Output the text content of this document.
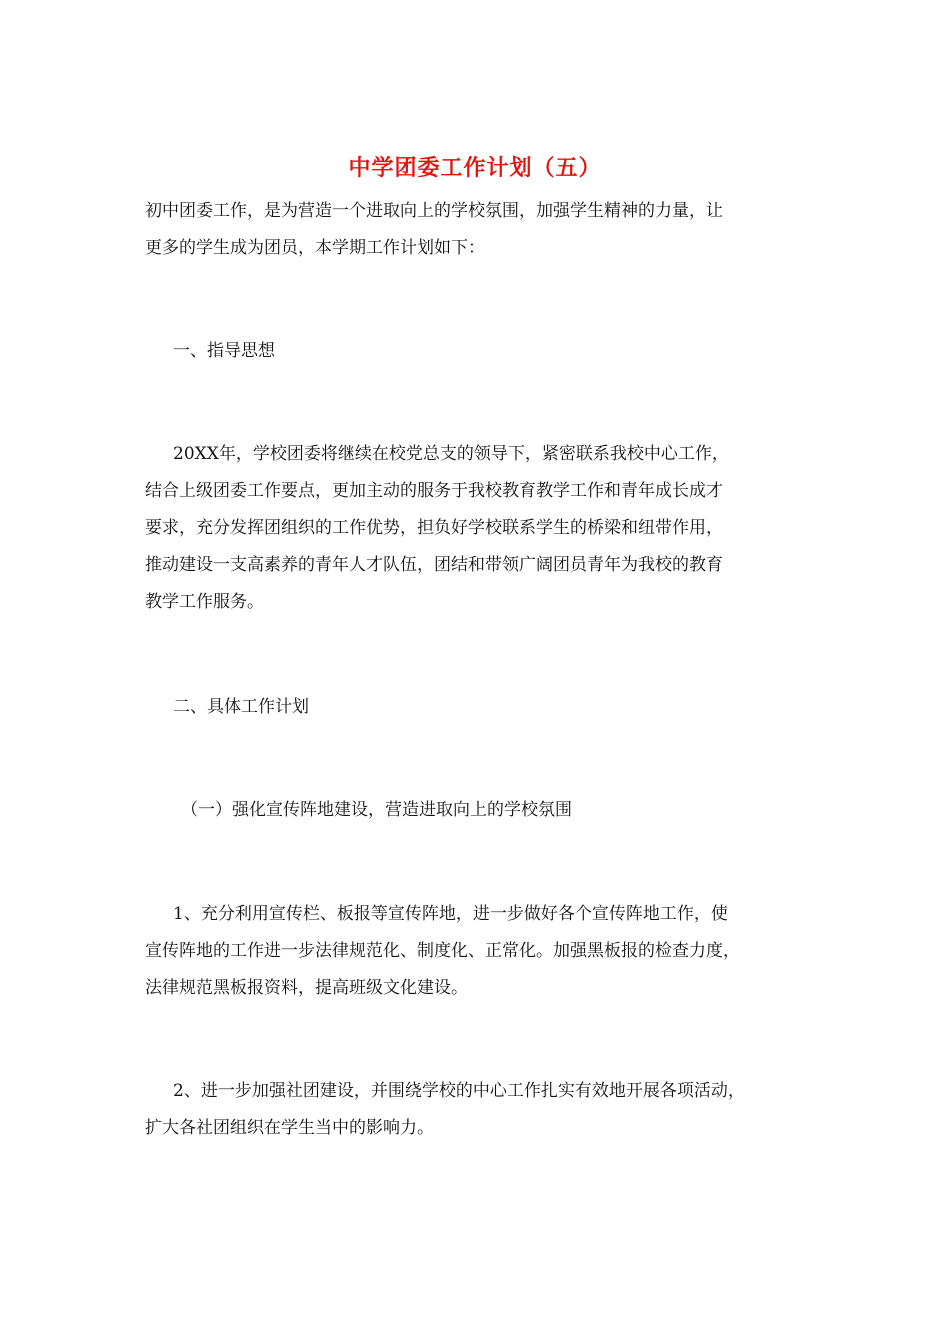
中学团委工作计划（五）

初中团委工作，是为营造一个进取向上的学校氛围，加强学生精神的力量，让
更多的学生成为团员，本学期工作计划如下：

一、指导思想

20XX年，学校团委将继续在校党总支的领导下，紧密联系我校中心工作，
结合上级团委工作要点，更加主动的服务于我校教育教学工作和青年成长成才
要求，充分发挥团组织的工作优势，担负好学校联系学生的桥梁和纽带作用，
推动建设一支高素养的青年人才队伍，团结和带领广阔团员青年为我校的教育
教学工作服务。

二、具体工作计划

（一）强化宣传阵地建设，营造进取向上的学校氛围

1、充分利用宣传栏、板报等宣传阵地，进一步做好各个宣传阵地工作，使
宣传阵地的工作进一步法律规范化、制度化、正常化。加强黑板报的检查力度，
法律规范黑板报资料，提高班级文化建设。

2、进一步加强社团建设，并围绕学校的中心工作扎实有效地开展各项活动，
扩大各社团组织在学生当中的影响力。
